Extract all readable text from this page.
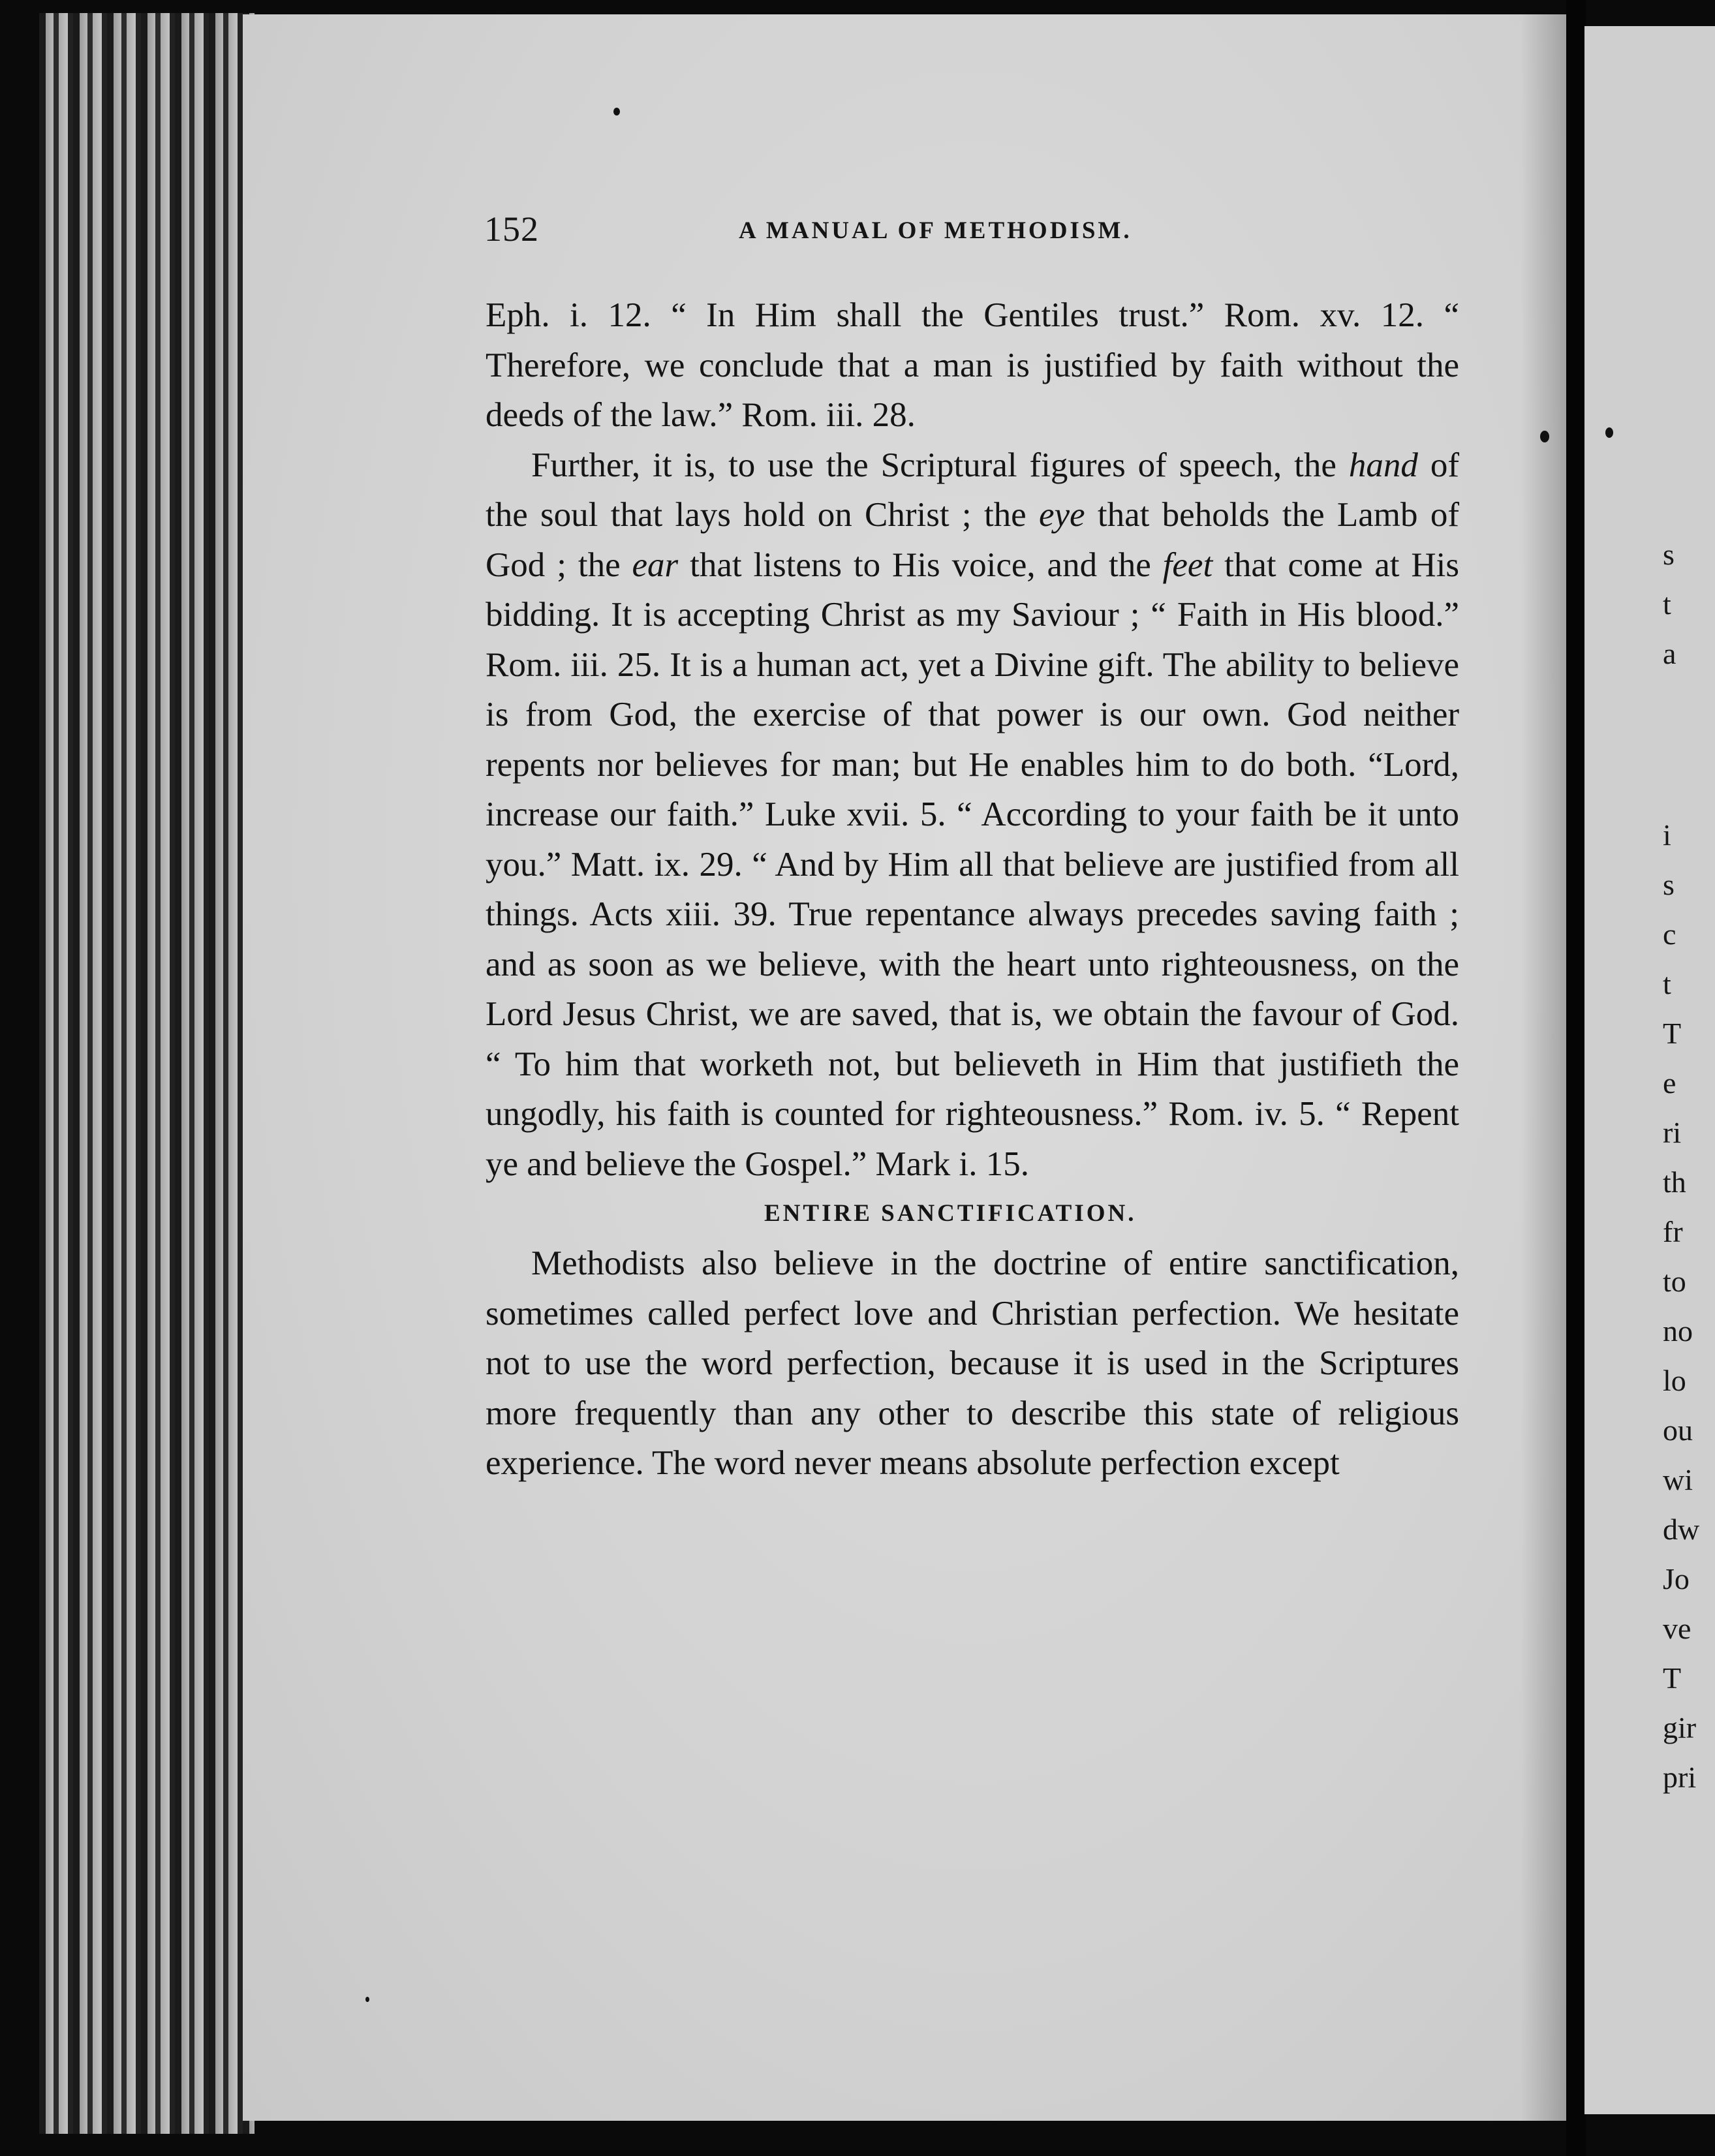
s
t
a
i
s
c
t
T
e
ri
th
fr
to
no
lo
ou
wi
dw
Jo
ve
T
gir
pri
152	A MANUAL OF METHODISM.

Eph. i. 12. “ In Him shall the Gentiles trust.” Rom. xv. 12. “ Therefore, we conclude that a man is justified by faith without the deeds of the law.” Rom. iii. 28.

Further, it is, to use the Scriptural figures of speech, the hand of the soul that lays hold on Christ ; the eye that beholds the Lamb of God ; the ear that listens to His voice, and the feet that come at His bidding. It is accepting Christ as my Saviour ; “ Faith in His blood.” Rom. iii. 25. It is a human act, yet a Divine gift. The ability to believe is from God, the exercise of that power is our own. God neither repents nor believes for man; but He enables him to do both. “Lord, increase our faith.” Luke xvii. 5. “ According to your faith be it unto you.” Matt. ix. 29. “ And by Him all that believe are justified from all things. Acts xiii. 39. True repentance always precedes saving faith ; and as soon as we believe, with the heart unto righteousness, on the Lord Jesus Christ, we are saved, that is, we obtain the favour of God. “ To him that worketh not, but believeth in Him that justifieth the ungodly, his faith is counted for righteousness.” Rom. iv. 5. “ Repent ye and believe the Gospel.” Mark i. 15.

ENTIRE SANCTIFICATION.

Methodists also believe in the doctrine of entire sanctification, sometimes called perfect love and Christian perfection. We hesitate not to use the word perfection, because it is used in the Scriptures more frequently than any other to describe this state of religious experience. The word never means absolute perfection except
